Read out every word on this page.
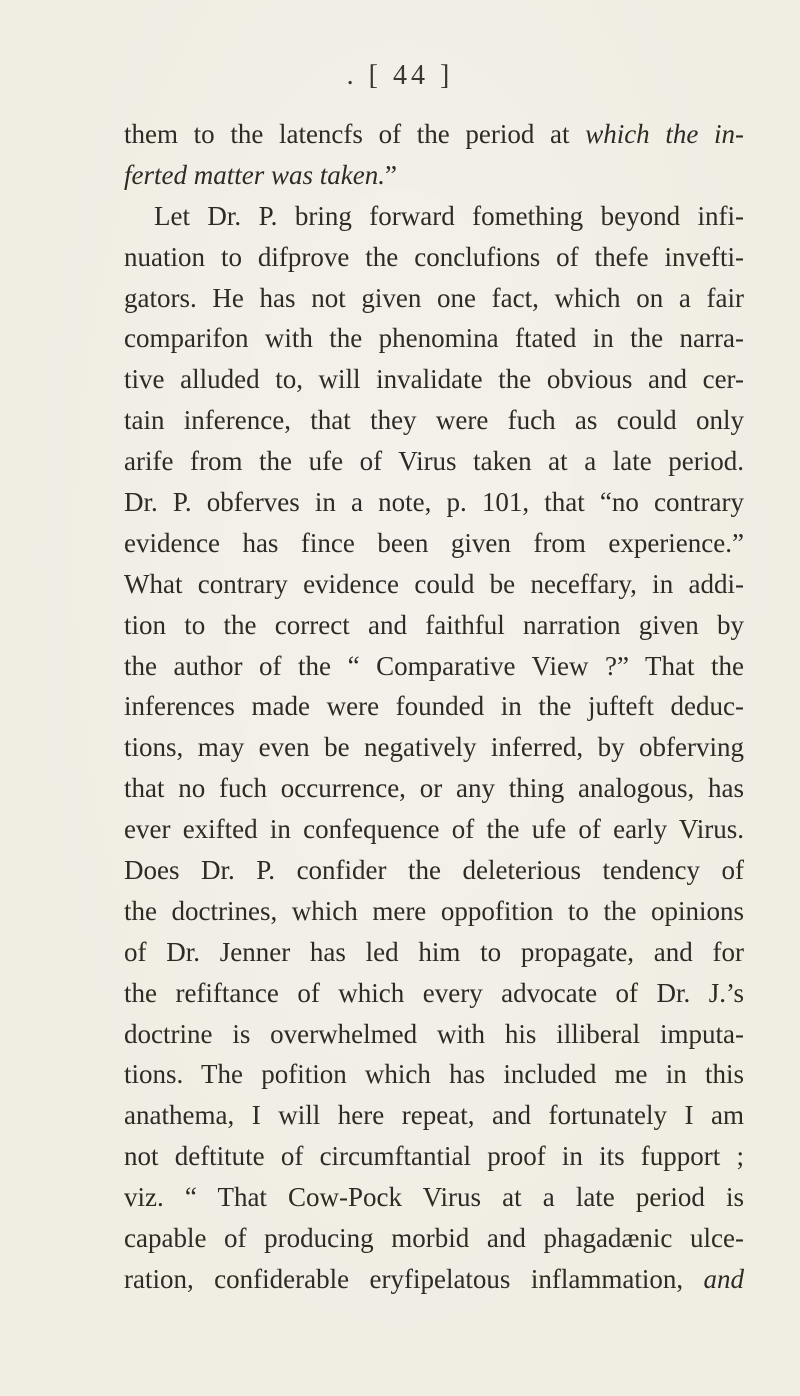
. [ 44 ]
them to the latencfs of the period at which the in-
ferted matter was taken.”
Let Dr. P. bring forward fomething beyond infi-
nuation to difprove the conclufions of thefe invefti-
gators. He has not given one fact, which on a fair
comparifon with the phenomina ftated in the narra-
tive alluded to, will invalidate the obvious and cer-
tain inference, that they were fuch as could only
arife from the ufe of Virus taken at a late period.
Dr. P. obferves in a note, p. 101, that “no contrary
evidence has fince been given from experience.”
What contrary evidence could be neceffary, in addi-
tion to the correct and faithful narration given by
the author of the “ Comparative View ?” That the
inferences made were founded in the jufteft deduc-
tions, may even be negatively inferred, by obferving
that no fuch occurrence, or any thing analogous, has
ever exifted in confequence of the ufe of early Virus.
Does Dr. P. confider the deleterious tendency of
the doctrines, which mere oppofition to the opinions
of Dr. Jenner has led him to propagate, and for
the refiftance of which every advocate of Dr. J.’s
doctrine is overwhelmed with his illiberal imputa-
tions. The pofition which has included me in this
anathema, I will here repeat, and fortunately I am
not deftitute of circumftantial proof in its fupport ;
viz. “ That Cow-Pock Virus at a late period is
capable of producing morbid and phagadænic ulce-
ration, confiderable eryfipelatous inflammation, and
